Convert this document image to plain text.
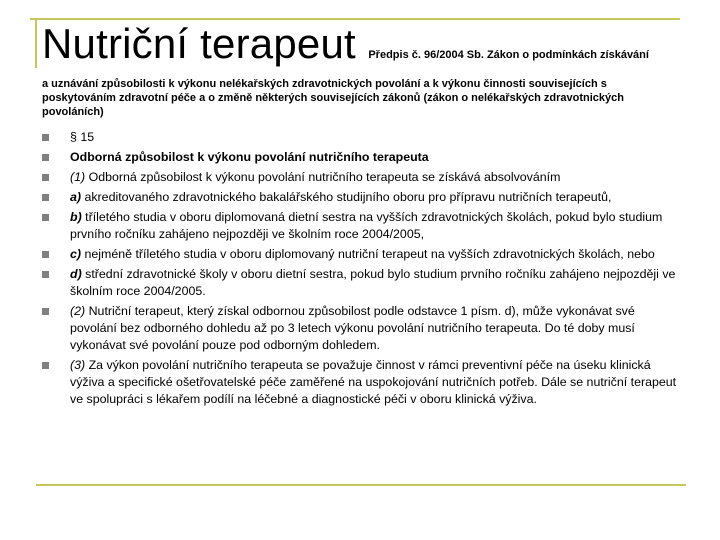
Nutriční terapeut Předpis č. 96/2004 Sb. Zákon o podmínkách získávání
a uznávání způsobilosti k výkonu nelékařských zdravotnických povolání a k výkonu činnosti souvisejících s poskytováním zdravotní péče a o změně některých souvisejících zákonů (zákon o nelékařských zdravotnických povoláních)
§ 15
Odborná způsobilost k výkonu povolání nutričního terapeuta
(1) Odborná způsobilost k výkonu povolání nutričního terapeuta se získává absolvováním
a) akreditovaného zdravotnického bakalářského studijního oboru pro přípravu nutričních terapeutů,
b) tříletého studia v oboru diplomovaná dietní sestra na vyšších zdravotnických školách, pokud bylo studium prvního ročníku zahájeno nejpozději ve školním roce 2004/2005,
c) nejméně tříletého studia v oboru diplomovaný nutriční terapeut na vyšších zdravotnických školách, nebo
d) střední zdravotnické školy v oboru dietní sestra, pokud bylo studium prvního ročníku zahájeno nejpozději ve školním roce 2004/2005.
(2) Nutriční terapeut, který získal odbornou způsobilost podle odstavce 1 písm. d), může vykonávat své povolání bez odborného dohledu až po 3 letech výkonu povolání nutričního terapeuta. Do té doby musí vykonávat své povolání pouze pod odborným dohledem.
(3) Za výkon povolání nutričního terapeuta se považuje činnost v rámci preventivní péče na úseku klinická výživa a specifické ošetřovatelské péče zaměřené na uspokojování nutričních potřeb. Dále se nutriční terapeut ve spolupráci s lékařem podílí na léčebné a diagnostické péči v oboru klinická výživa.
